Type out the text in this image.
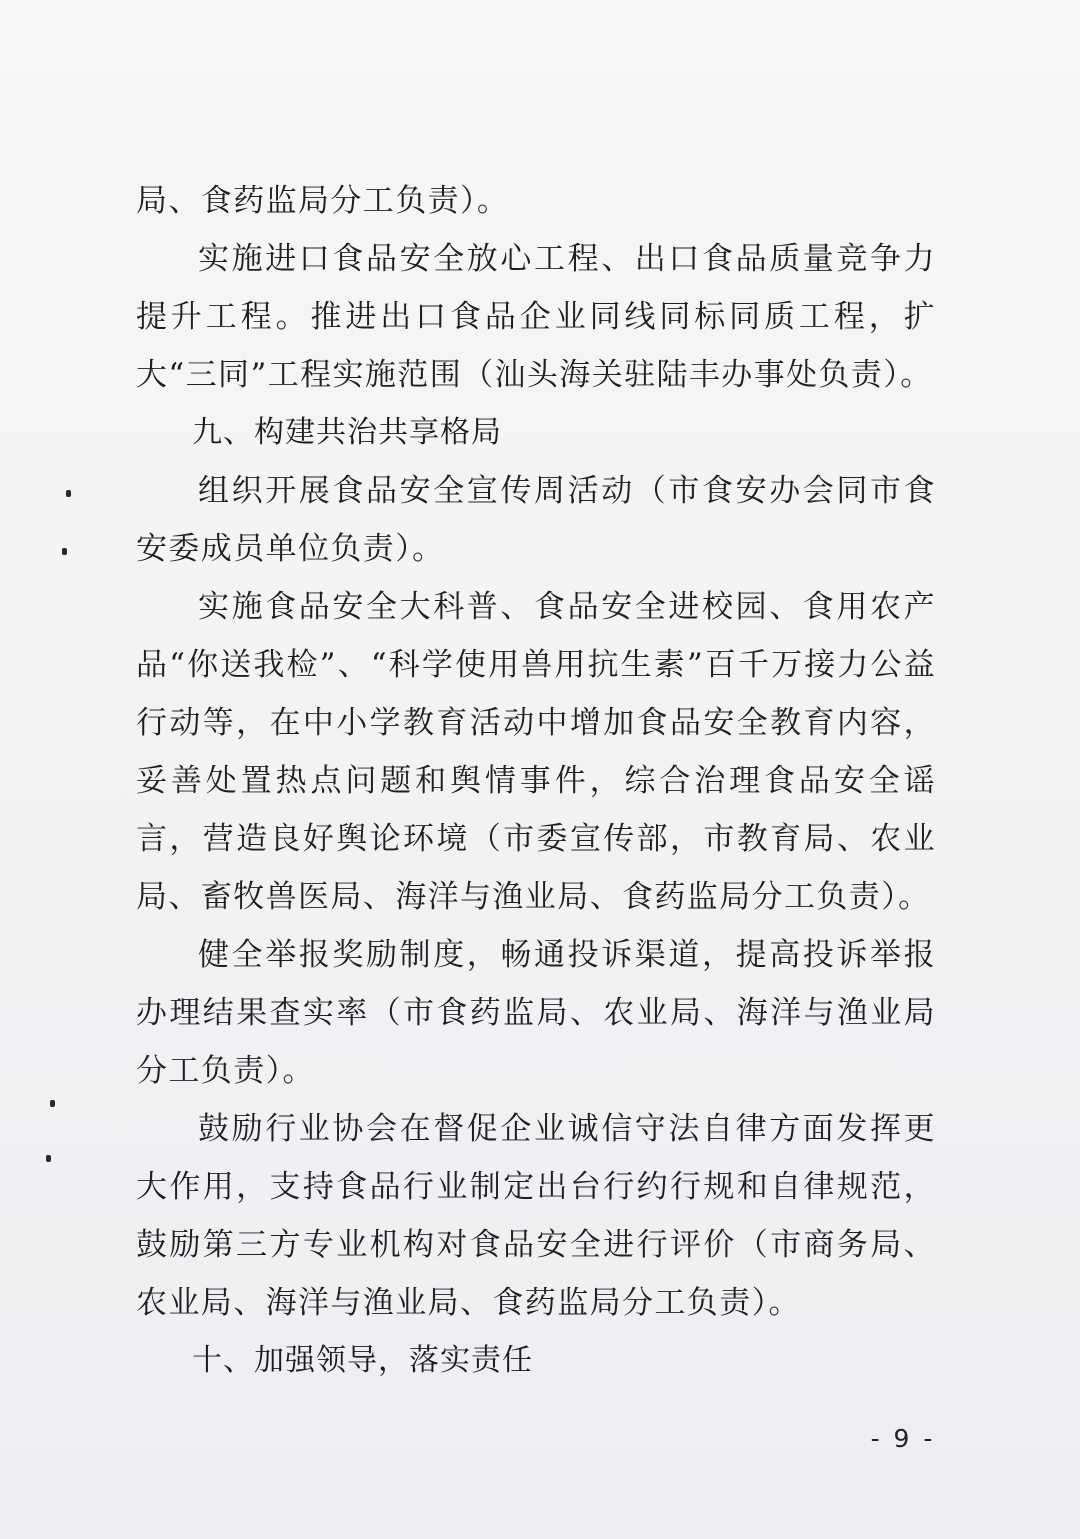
局、食药监局分工负责）。

实施进口食品安全放心工程、出口食品质量竞争力提升工程。推进出口食品企业同线同标同质工程，扩大“三同”工程实施范围（汕头海关驻陆丰办事处负责）。

九、构建共治共享格局

组织开展食品安全宣传周活动（市食安办会同市食安委成员单位负责）。

实施食品安全大科普、食品安全进校园、食用农产品“你送我检”、“科学使用兽用抗生素”百千万接力公益行动等，在中小学教育活动中增加食品安全教育内容，妥善处置热点问题和舆情事件，综合治理食品安全谣言，营造良好舆论环境（市委宣传部，市教育局、农业局、畜牧兽医局、海洋与渔业局、食药监局分工负责）。

健全举报奖励制度，畅通投诉渠道，提高投诉举报办理结果查实率（市食药监局、农业局、海洋与渔业局分工负责）。

鼓励行业协会在督促企业诚信守法自律方面发挥更大作用，支持食品行业制定出台行约行规和自律规范，鼓励第三方专业机构对食品安全进行评价（市商务局、农业局、海洋与渔业局、食药监局分工负责）。

十、加强领导，落实责任

- 9 -
